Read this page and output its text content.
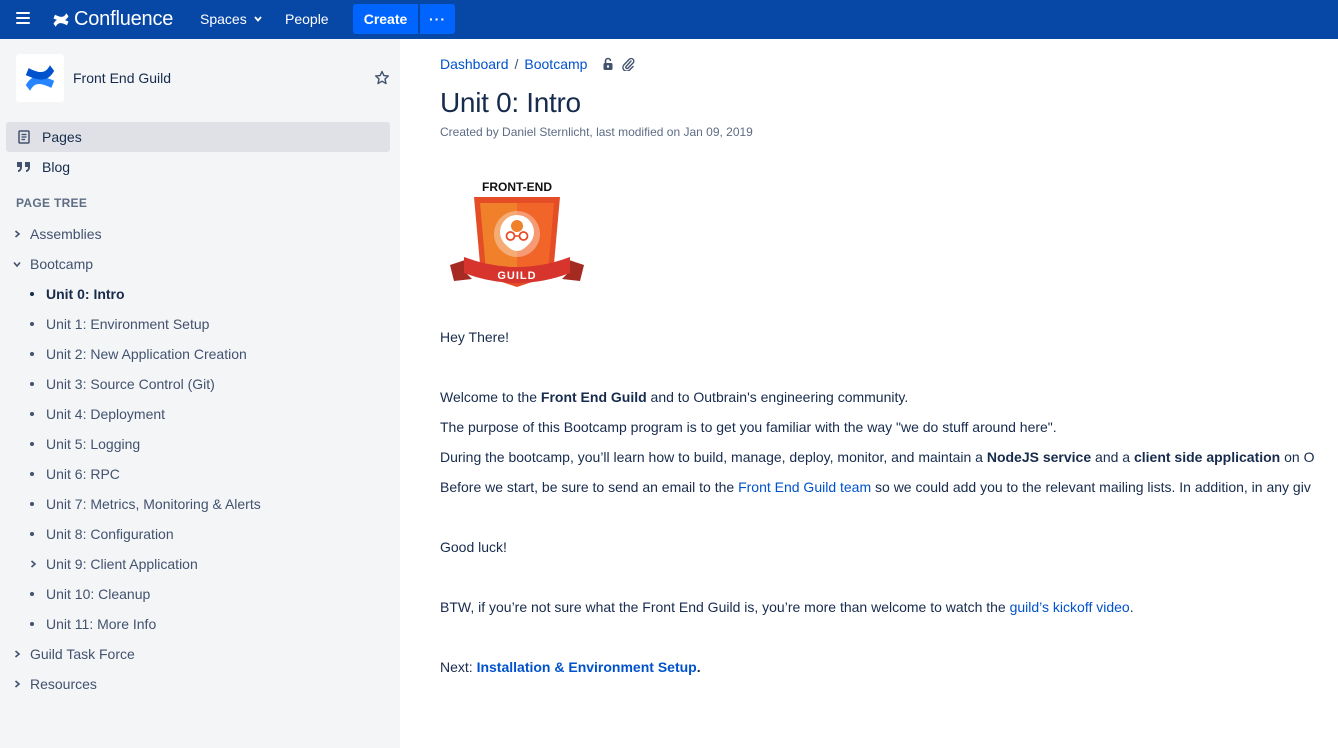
Confluence Spaces	People	Create	···
Front End Guild
Pages
Blog
PAGE TREE
Assemblies
Bootcamp
Unit 0: Intro
Unit 1: Environment Setup
Unit 2: New Application Creation
Unit 3: Source Control (Git)
Unit 4: Deployment
Unit 5: Logging
Unit 6: RPC
Unit 7: Metrics, Monitoring & Alerts
Unit 8: Configuration
Unit 9: Client Application
Unit 10: Cleanup
Unit 11: More Info
Guild Task Force
Resources
Dashboard / Bootcamp
Unit 0: Intro
Created by Daniel Sternlicht, last modified on Jan 09, 2019
FRONT-END
GUILD
Hey There!
Welcome to the Front End Guild and to Outbrain's engineering community.
The purpose of this Bootcamp program is to get you familiar with the way "we do stuff around here".
During the bootcamp, you’ll learn how to build, manage, deploy, monitor, and maintain a NodeJS service and a client side application on O
Before we start, be sure to send an email to the Front End Guild team so we could add you to the relevant mailing lists. In addition, in any giv
Good luck!
BTW, if you’re not sure what the Front End Guild is, you’re more than welcome to watch the guild’s kickoff video.
Next: Installation & Environment Setup.
